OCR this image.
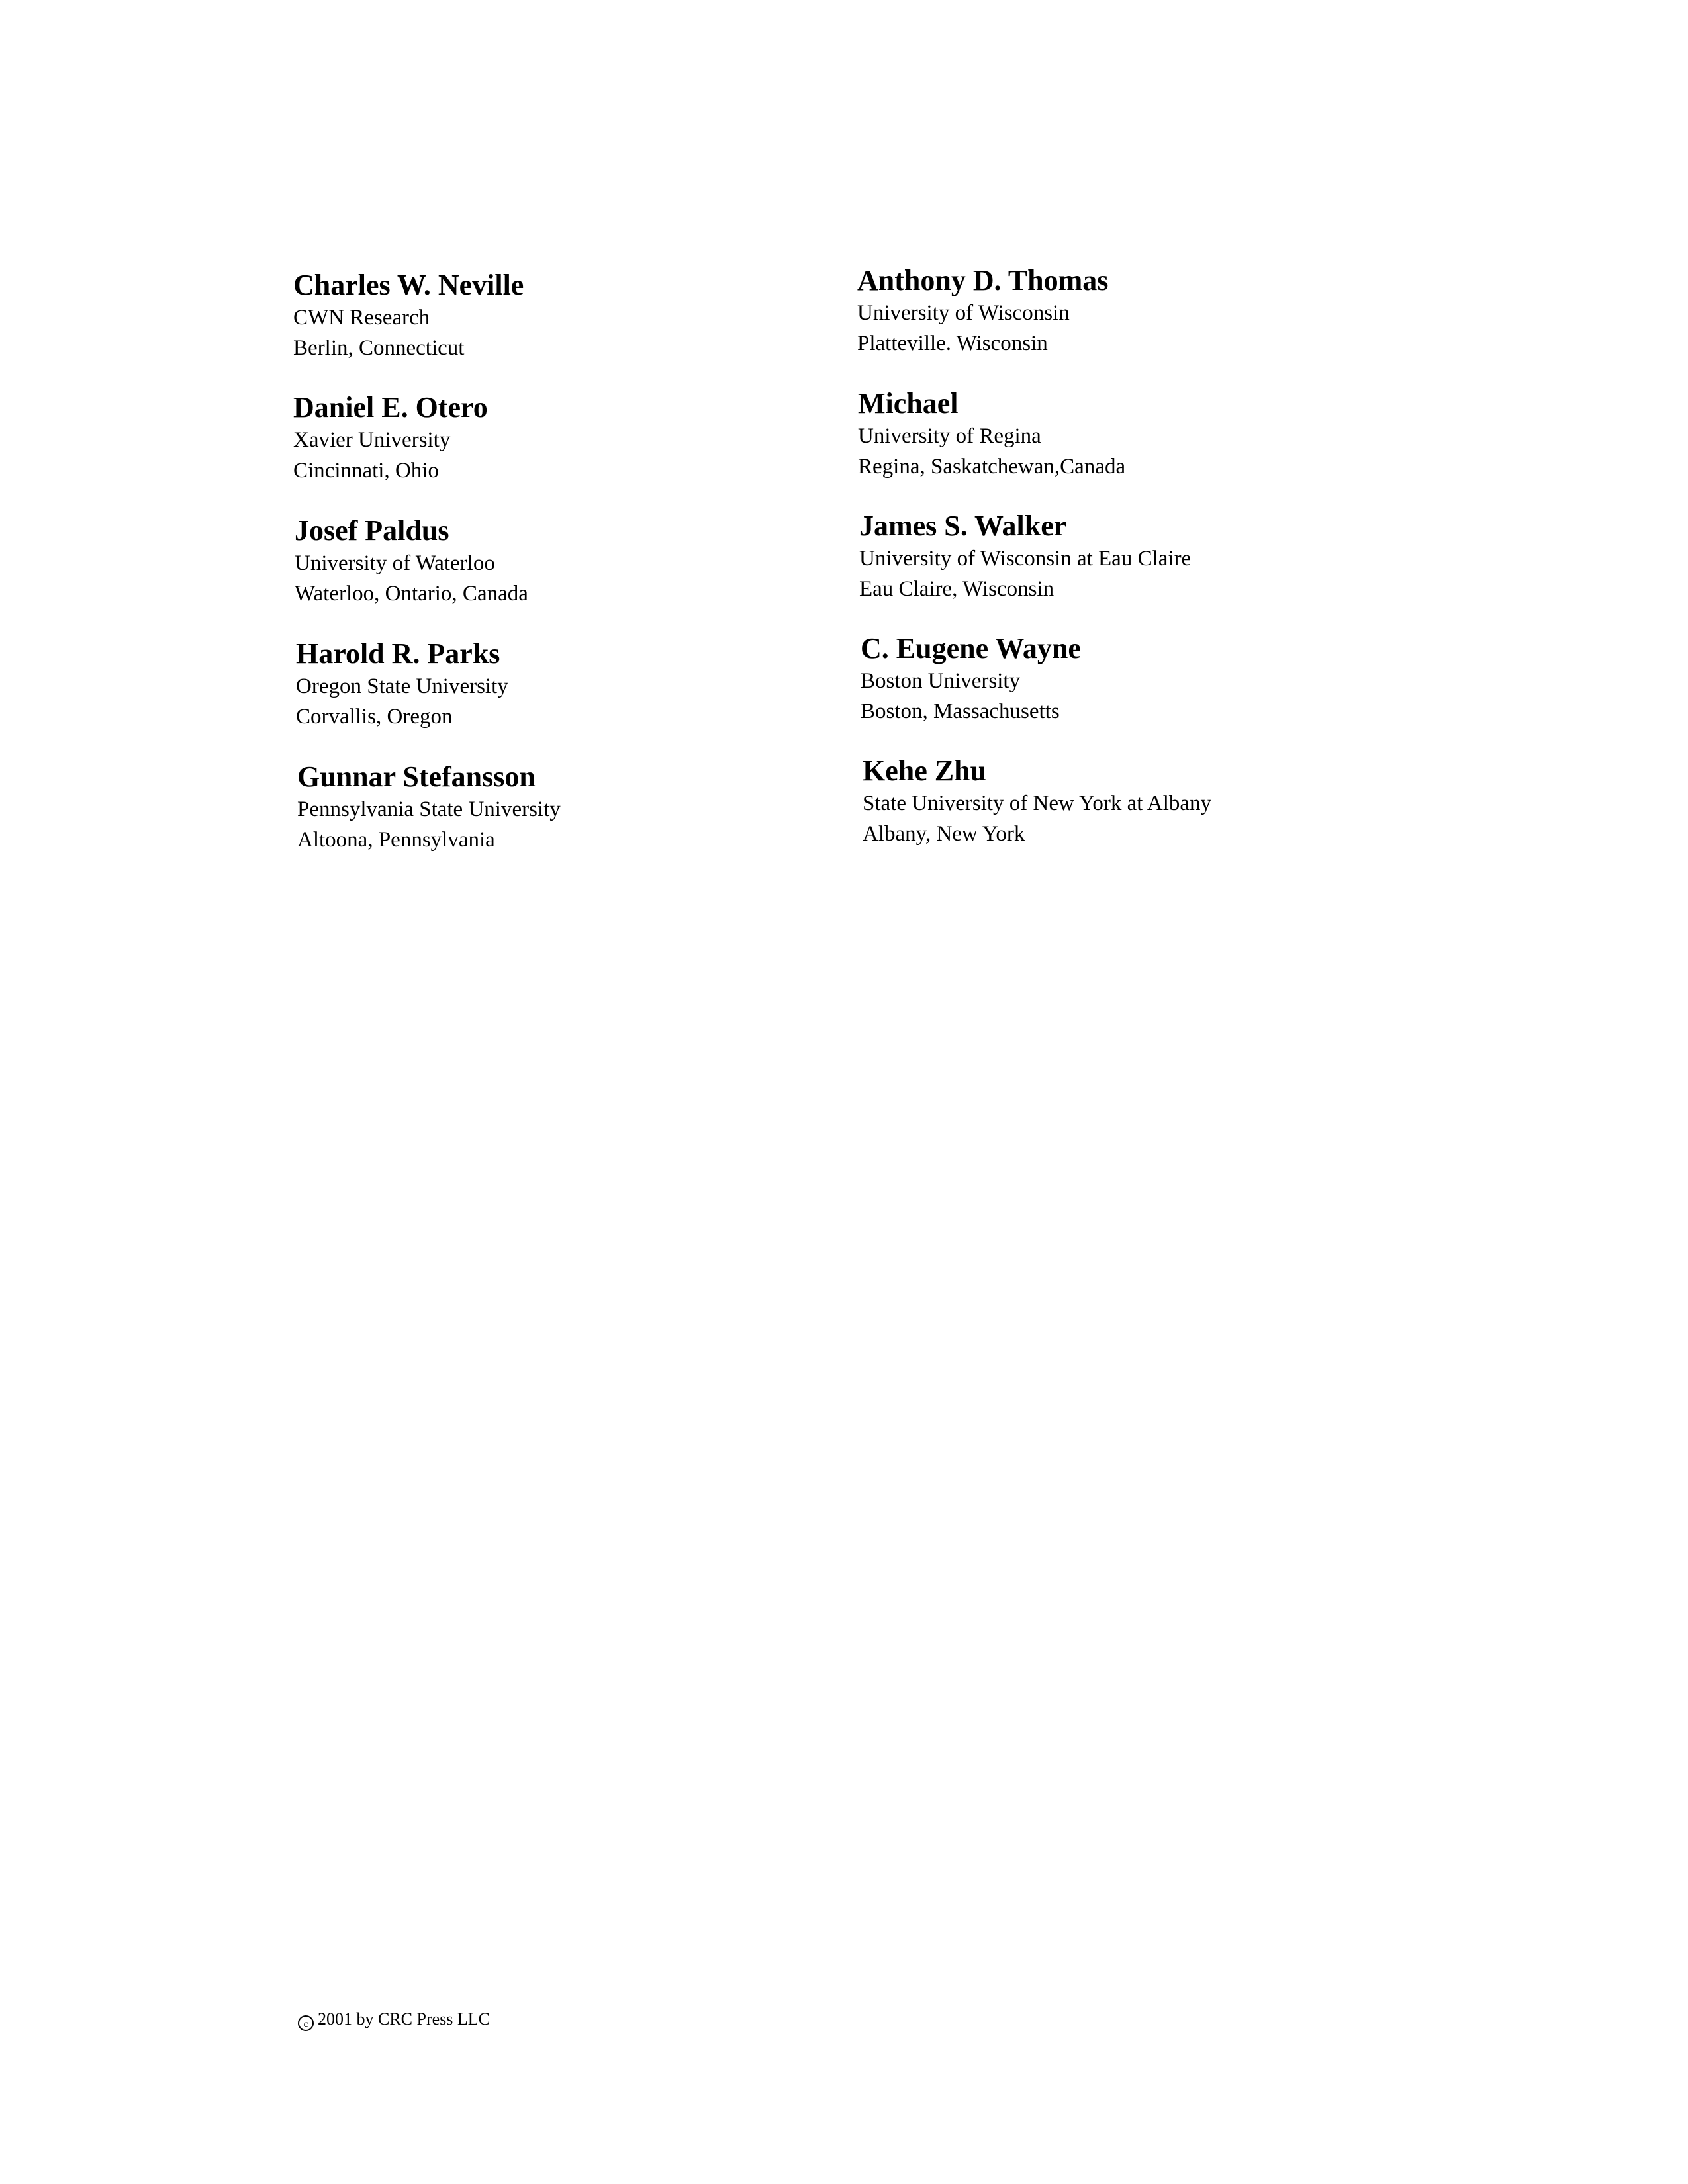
Charles W. Neville

CWN Research

Berlin, Connecticut

Daniel E. Otero

Xavier University

Cincinnati, Ohio

Josef Paldus

University of Waterloo

Waterloo, Ontario, Canada

Harold R. Parks

Oregon State University

Corvallis, Oregon

Gunnar Stefansson

Pennsylvania State University

Altoona, Pennsylvania

Anthony D. Thomas

University of Wisconsin

Platteville. Wisconsin

Michael

University of Regina

Regina, Saskatchewan,Canada

James S. Walker

University of Wisconsin at Eau Claire

Eau Claire, Wisconsin

C. Eugene Wayne

Boston University

Boston, Massachusetts

Kehe Zhu

State University of New York at Albany

Albany, New York

c 2001 by CRC Press LLC
